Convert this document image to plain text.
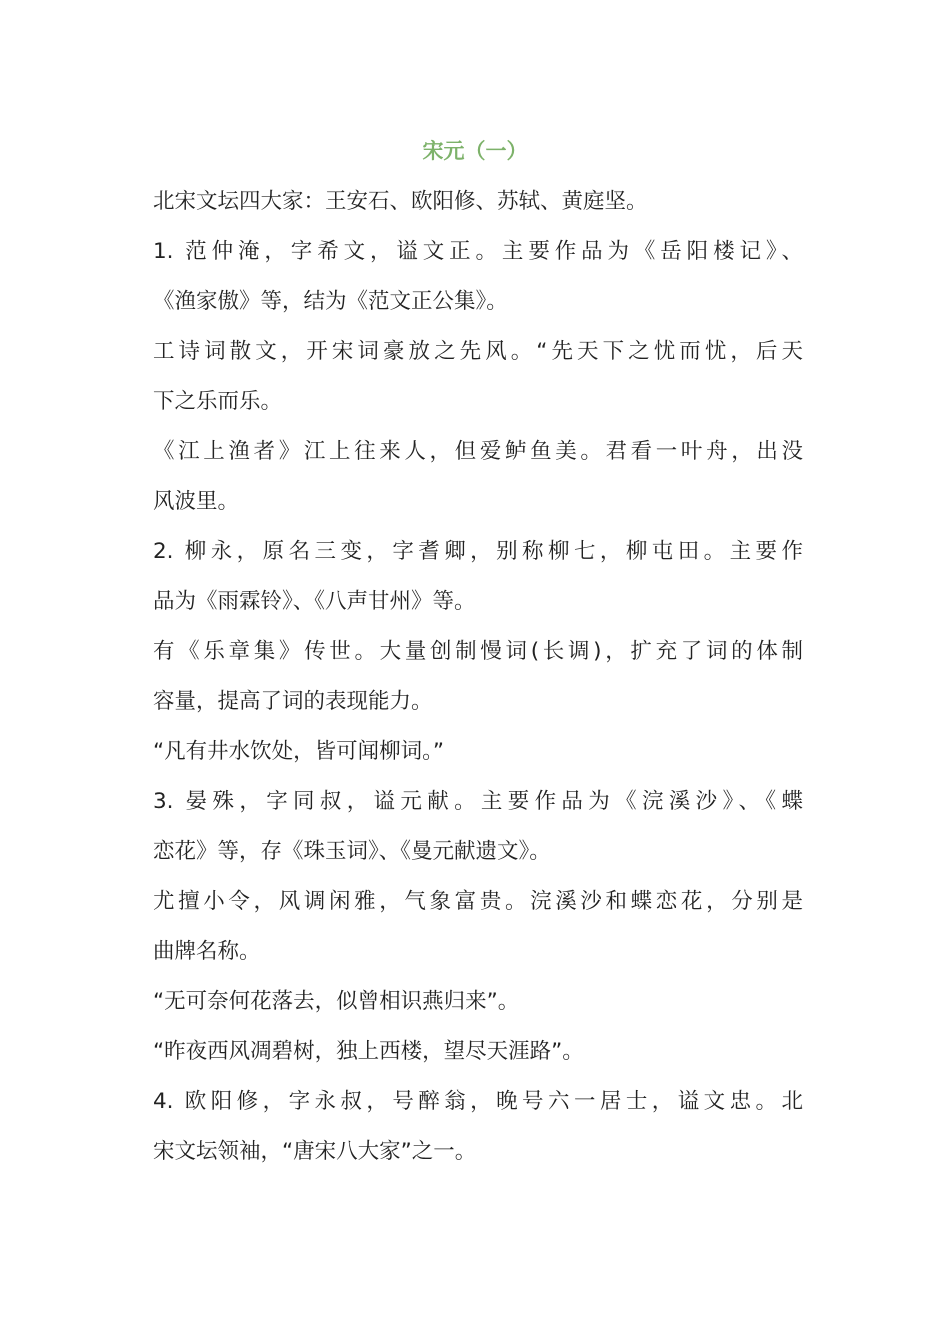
宋元（一）
北宋文坛四大家：王安石、欧阳修、苏轼、黄庭坚。
1. 范仲淹，字希文，谥文正。主要作品为《岳阳楼记》、
《渔家傲》等，结为《范文正公集》。
工诗词散文，开宋词豪放之先风。“先天下之忧而忧，后天
下之乐而乐。
《江上渔者》江上往来人，但爱鲈鱼美。君看一叶舟，出没
风波里。
2. 柳永，原名三变，字耆卿，别称柳七，柳屯田。主要作
品为《雨霖铃》、《八声甘州》等。
有《乐章集》传世。大量创制慢词(长调)，扩充了词的体制
容量，提高了词的表现能力。
“凡有井水饮处，皆可闻柳词。”
3. 晏殊，字同叔，谥元献。主要作品为《浣溪沙》、《蝶
恋花》等，存《珠玉词》、《曼元献遗文》。
尤擅小令，风调闲雅，气象富贵。浣溪沙和蝶恋花，分别是
曲牌名称。
“无可奈何花落去，似曾相识燕归来”。
“昨夜西风凋碧树，独上西楼，望尽天涯路”。
4. 欧阳修，字永叔，号醉翁，晚号六一居士，谥文忠。北
宋文坛领袖，“唐宋八大家”之一。
